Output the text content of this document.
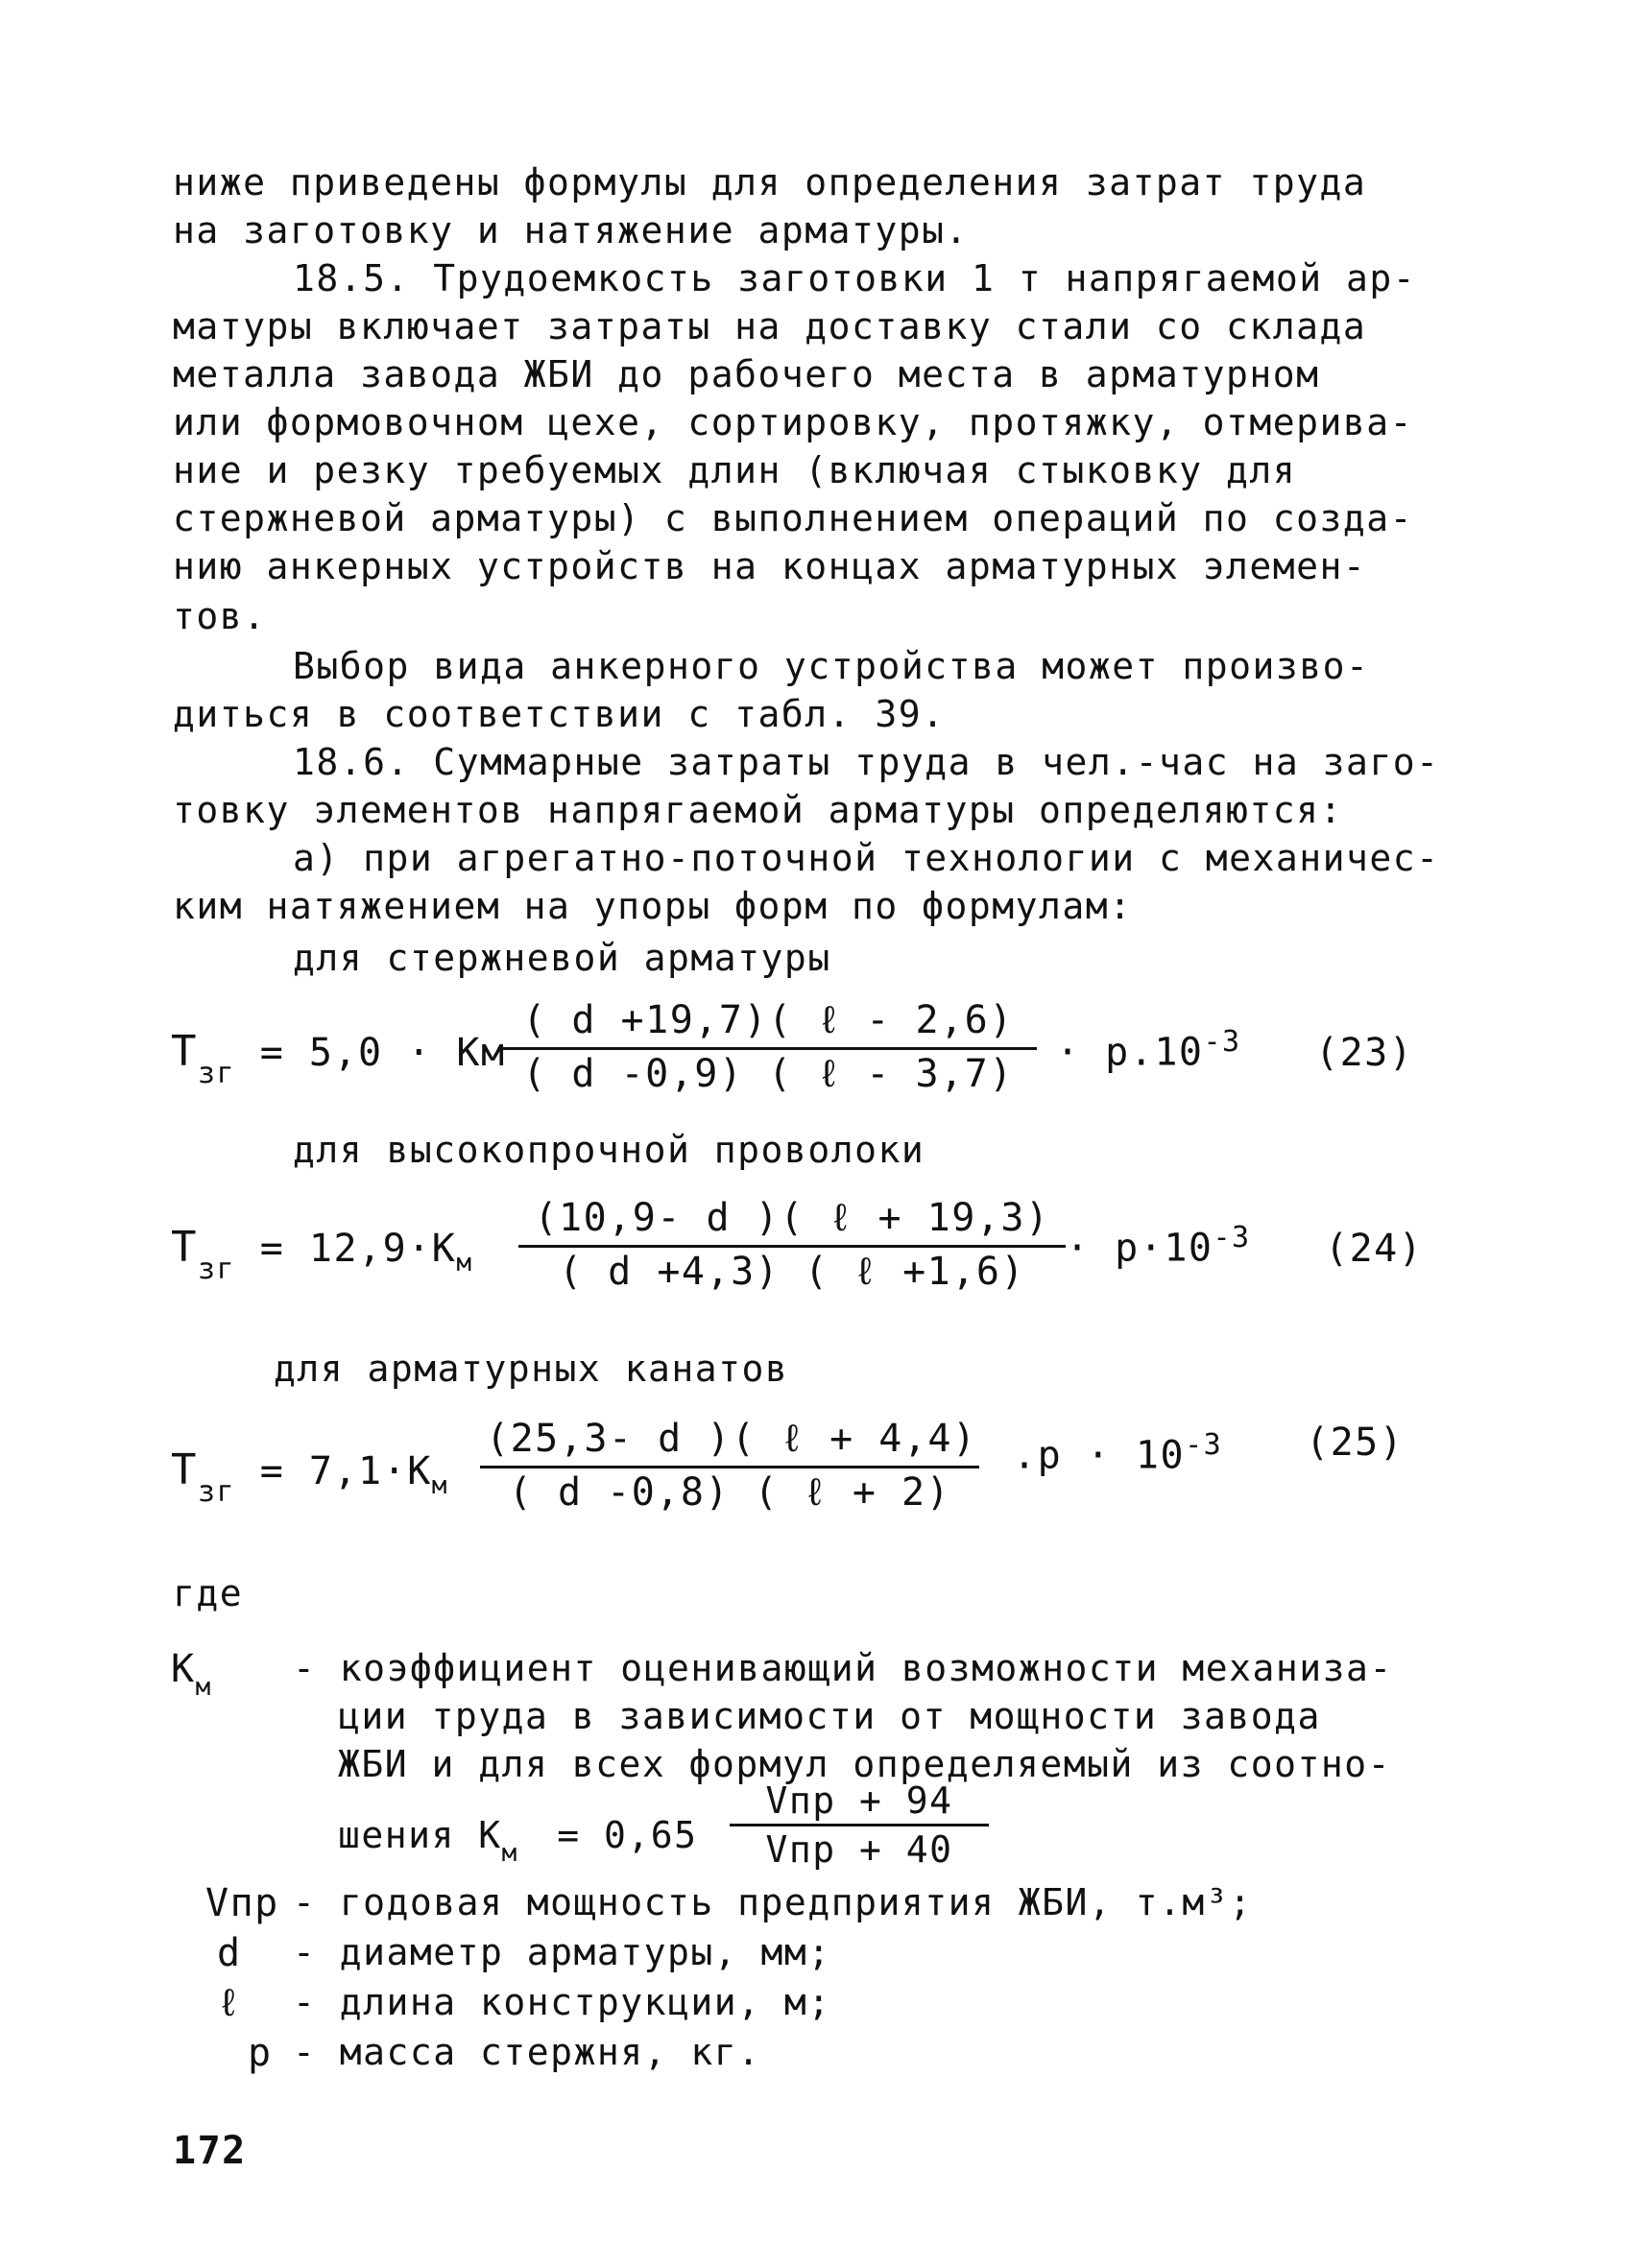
ниже приведены формулы для определения затрат труда
на заготовку и натяжение арматуры.
18.5. Трудоемкость заготовки 1 т напрягаемой ар-
матуры включает затраты на доставку стали со склада
металла завода ЖБИ до рабочего места в арматурном
или формовочном цехе, сортировку, протяжку, отмерива-
ние и резку требуемых длин (включая стыковку для
стержневой арматуры) с выполнением операций по созда-
нию анкерных устройств на концах арматурных элемен-
тов.
Выбор вида анкерного устройства может произво-
диться в соответствии с табл. 39.
18.6. Суммарные затраты труда в чел.-час на заго-
товку элементов напрягаемой арматуры определяются:
а) при агрегатно-поточной технологии с механичес-
ким натяжением на упоры форм по формулам:
для стержневой арматуры
$Т_{зг} = 5,0$ · Км
( d +19,7)( ℓ - 2,6)
( d -0,9) ( ℓ - 3,7)	· $р.10^{-3}$ (23)
для высокопрочной проволоки
$Т_{зг} = 12,9\cdot К_м$
(10,9- d )( ℓ + 19,3)
( d +4,3) ( ℓ +1,6)
· $р\cdot 10^{-3}$ (24)
для арматурных канатов
$Т_{зг} = 7,1\cdot К_м$
(25,3- d )( ℓ + 4,4)
( d -0,8) ( ℓ + 2)
$.р \cdot 10^{-3}$ (25)
где
$К_м$ - коэффициент оценивающий возможности механиза-
ции труда в зависимости от мощности завода
ЖБИ и для всех формул определяемый из соотно-
шения $К_м = 0,65$
Vпр + 94
Vпр + 40
Vпр - годовая мощность предприятия ЖБИ, т.м³;
d - диаметр арматуры, мм;
ℓ - длина конструкции, м;
р - масса стержня, кг.
172
